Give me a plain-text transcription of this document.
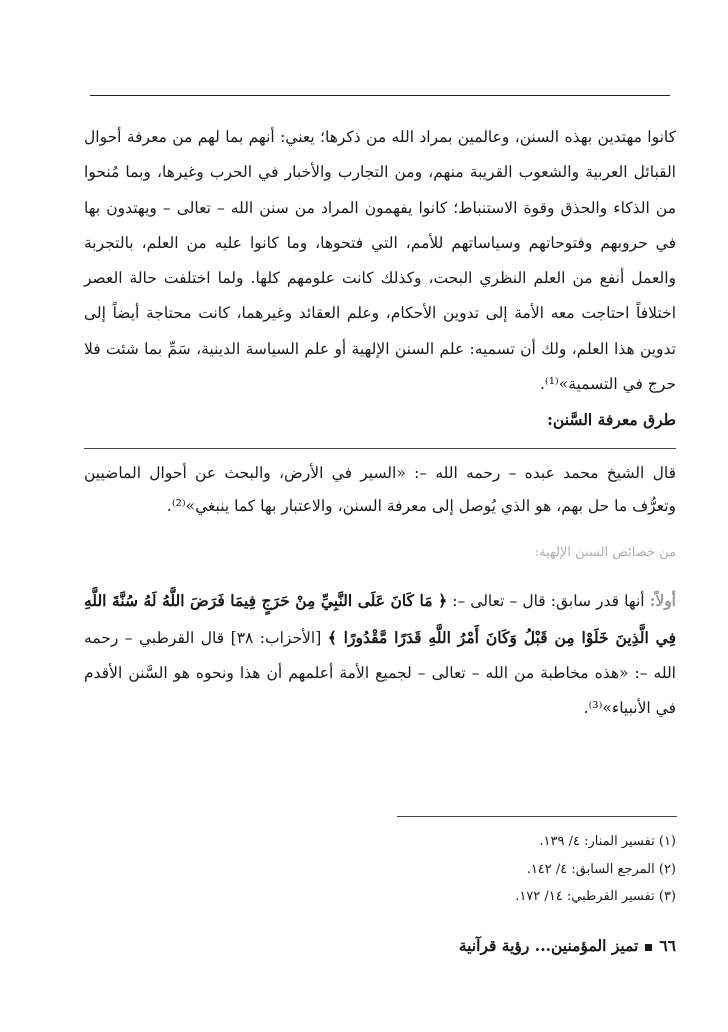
كانوا مهتدين بهذه السنن، وعالمين بمراد الله من ذكرها؛ يعني: أنهم بما لهم من معرفة أحوال القبائل العربية والشعوب القريبة منهم، ومن التجارب والأخبار في الحرب وغيرها، وبما مُنحوا من الذكاء والحذق وقوة الاستنباط؛ كانوا يفهمون المراد من سنن الله – تعالى – ويهتدون بها في حروبهم وفتوحاتهم وسياساتهم للأمم، التي فتحوها، وما كانوا عليه من العلم، بالتجربة والعمل أنفع من العلم النظري البحت، وكذلك كانت علومهم كلها. ولما اختلفت حالة العصر اختلافاً احتاجت معه الأمة إلى تدوين الأحكام، وعلم العقائد وغيرهما، كانت محتاجة أيضاً إلى تدوين هذا العلم، ولك أن تسميه: علم السنن الإلهية أو علم السياسة الدينية، سَمِّ بما شئت فلا حرج في التسمية»⁽¹⁾.

طرق معرفة السَّنن:

قال الشيخ محمد عبده – رحمه الله –: «السير في الأرض، والبحث عن أحوال الماضيين وتعرُّف ما حل بهم، هو الذي يُوصل إلى معرفة السنن، والاعتبار بها كما ينبغي»⁽²⁾.

من خصائص السنن الإلهية:

أولاً: أنها قدر سابق: قال – تعالى –: ﴿ مَا كَانَ عَلَى النَّبِيِّ مِنْ حَرَجٍ فِيمَا فَرَضَ اللَّهُ لَهُ سُنَّةَ اللَّهِ فِي الَّذِينَ خَلَوْا مِن قَبْلُ وَكَانَ أَمْرُ اللَّهِ قَدَرًا مَّقْدُورًا ﴾ [الأحزاب: ٣٨] قال القرطبي – رحمه الله –: «هذه مخاطبة من الله – تعالى – لجميع الأمة أعلمهم أن هذا ونحوه هو السَّنن الأقدم في الأنبياء»⁽³⁾.

(١) تفسير المنار: ٤/ ١٣٩.

(٢) المرجع السابق: ٤/ ١٤٢.

(٣) تفسير القرطبي: ١٤/ ١٧٢.

٦٦تميز المؤمنين... رؤية قرآنية
